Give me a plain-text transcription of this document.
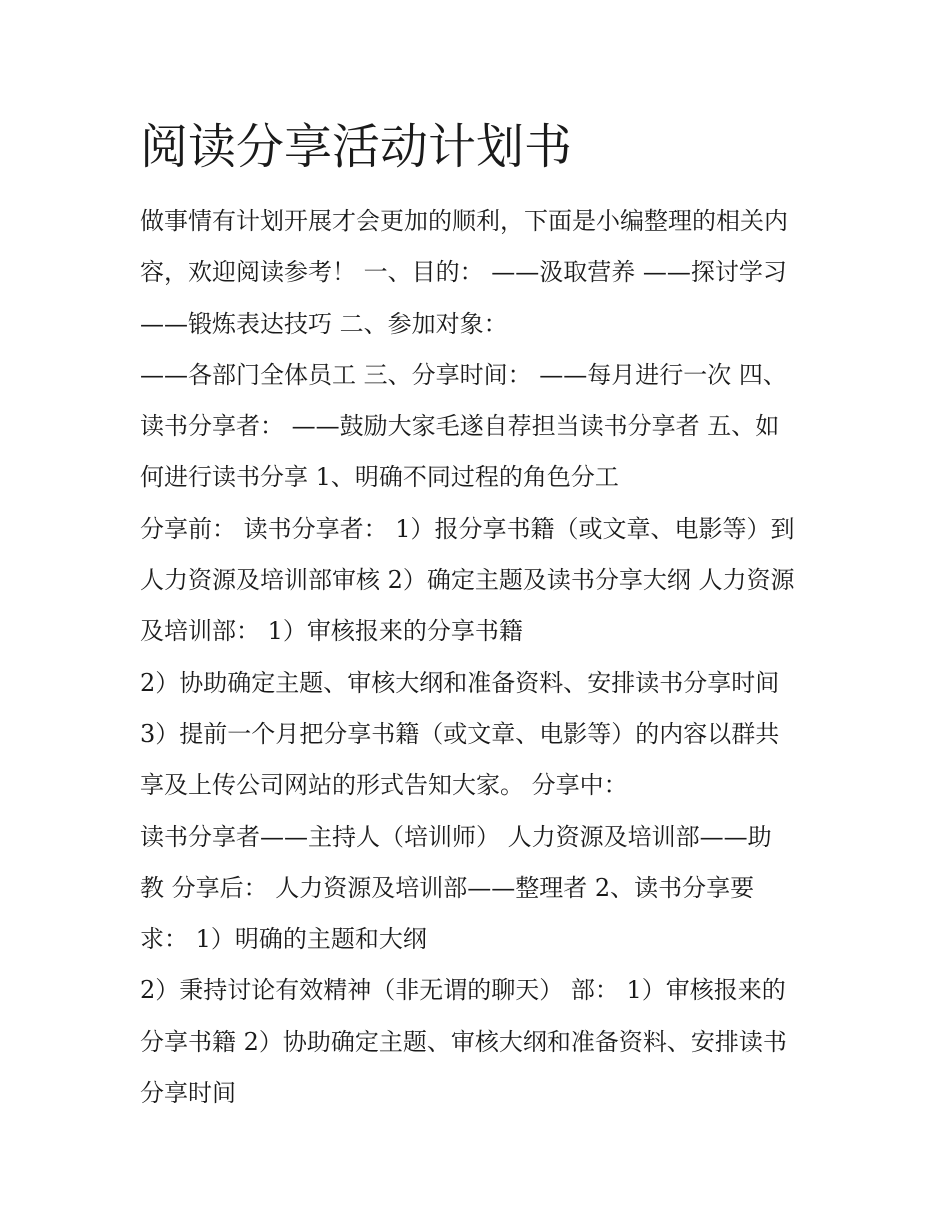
阅读分享活动计划书
做事情有计划开展才会更加的顺利，下面是小编整理的相关内
容，欢迎阅读参考！ 一、目的： ——汲取营养 ——探讨学习
——锻炼表达技巧 二、参加对象：
——各部门全体员工 三、分享时间： ——每月进行一次 四、
读书分享者： ——鼓励大家毛遂自荐担当读书分享者 五、如
何进行读书分享 1、明确不同过程的角色分工
分享前： 读书分享者： 1）报分享书籍（或文章、电影等）到
人力资源及培训部审核 2）确定主题及读书分享大纲 人力资源
及培训部： 1）审核报来的分享书籍
2）协助确定主题、审核大纲和准备资料、安排读书分享时间
3）提前一个月把分享书籍（或文章、电影等）的内容以群共
享及上传公司网站的形式告知大家。 分享中：
读书分享者——主持人（培训师） 人力资源及培训部——助
教 分享后： 人力资源及培训部——整理者 2、读书分享要
求： 1）明确的主题和大纲
2）秉持讨论有效精神（非无谓的聊天） 部： 1）审核报来的
分享书籍 2）协助确定主题、审核大纲和准备资料、安排读书
分享时间
